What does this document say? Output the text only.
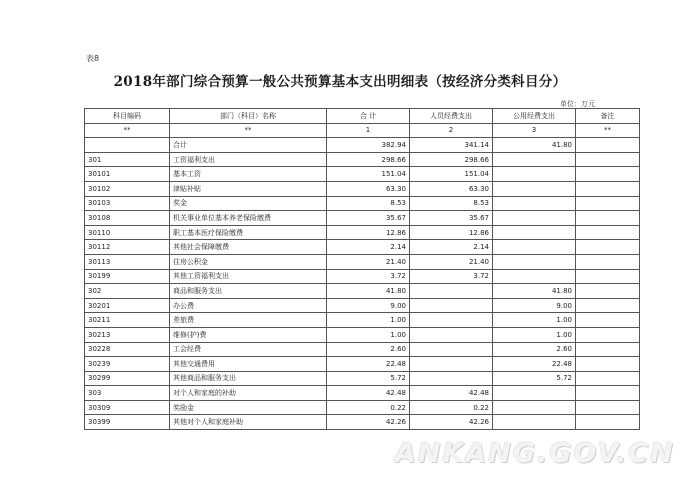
表8
2018年部门综合预算一般公共预算基本支出明细表（按经济分类科目分）
单位：万元
科目编码	部门（科目）名称	合 计	人员经费支出	公用经费支出	备注
**	**	1	2	3	**
	合计	382.94	341.14	41.80	
301	工资福利支出	298.66	298.66		
30101	基本工资	151.04	151.04		
30102	津贴补贴	63.30	63.30		
30103	奖金	8.53	8.53		
30108	机关事业单位基本养老保险缴费	35.67	35.67		
30110	职工基本医疗保险缴费	12.86	12.86		
30112	其他社会保障缴费	2.14	2.14		
30113	住房公积金	21.40	21.40		
30199	其他工资福利支出	3.72	3.72		
302	商品和服务支出	41.80		41.80	
30201	办公费	9.00		9.00	
30211	差旅费	1.00		1.00	
30213	维修(护)费	1.00		1.00	
30228	工会经费	2.60		2.60	
30239	其他交通费用	22.48		22.48	
30299	其他商品和服务支出	5.72		5.72	
303	对个人和家庭的补助	42.48	42.48		
30309	奖励金	0.22	0.22		
30399	其他对个人和家庭补助	42.26	42.26		
ANKANG.GOV.CN
